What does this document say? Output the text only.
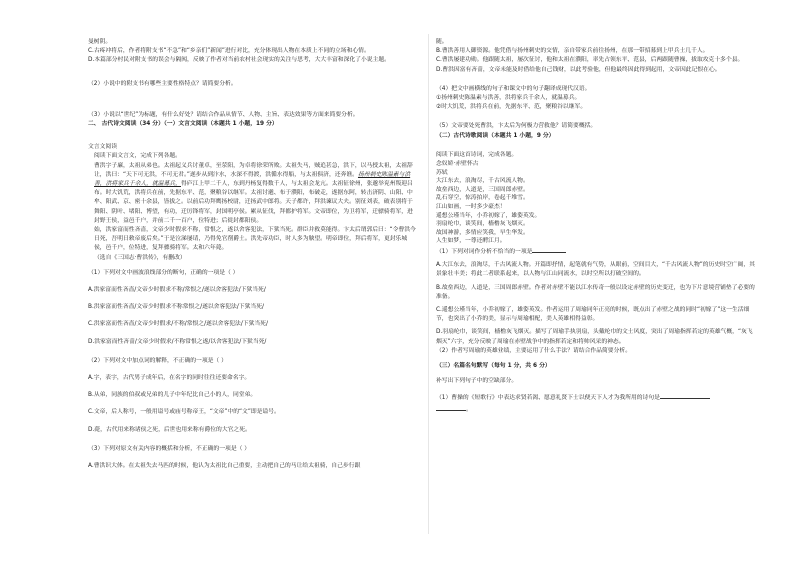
曼树阴。

C.古疼冲将后，作者将附支书“不急”和“乡亲们”新闻”进行对比，充分体现出人物在本质上不同的立场和心情。

D.本篇部分村民对附支书的误会与隔阂，反映了作者对当前农村社会现实的关注与思考，大大丰富和深化了小说主题。

（2）小说中的附支书有哪些主要性格特点？请简要分析。

（3）小说以“世纪”为标题，有什么好处？请结合作品从情节、人物、主旨、表达效果等方面来简要分析。

二、 古代诗文阅读（34 分）（一）文言文阅读（本题共 1 小题，19 分）

文言文阅读

阅读下面文言文，完成下列各题。

曹洪字子廉，太祖从弟也。太祖起义兵讨董卓，至荥阳，为卓将徐荣所败。太祖失马，贼追甚急，洪下，以马授太祖，太祖辞让，洪曰：“天下可无洪，不可无君。”遂步从到汴水，水深不得渡，洪循水得船，与太祖俱济，还奔谯。扬州刺史陈温素与洪善，洪将家兵千余人，就温募兵，得庐江上甲二千人，东到丹杨复得数千人，与太祖会龙亢。太祖征徐州，张邈举兖州叛迎吕布。时大饥荒，洪将兵在前，先据东平、范，聚粮谷以继军。太祖讨邈、布于濮阳，布破走，遂据东阿，转击济阴、山阳、中牟、阳武、京、密十余县，皆拔之。以前后功拜鹰扬校尉，迁扬武中郎将。天子都许，拜洪谏议大夫。别征刘表，破表别将于舞阳、阴叶、堵阳、博望，有功，迁厉锋将军，封国明亭侯。累从征伐，拜都护将军。文帝即位，为卫将军，迁骠骑将军，进封野王侯，益邑千户，并前二千一百户，位特进；后徙封都阳侯。

始，洪家富而性吝啬，文帝少时假求不称，常恨之，遂以舍客犯法，下狱当死。群臣并救莫能得。卞太后谓郭后曰：“令曹洪今日死，吾明日敕帝废后矣。”于是泣涕屡请，乃得免官削爵土。洪先帝功臣，时人多为觖望。明帝即位，拜后将军，更封乐城侯，邑千户，位特进，复拜骠骑将军。太和六年薨。

（选自《三国志·曹洪传》，有删改）

（1）下列对文中画波浪线部分的断句，正确的一项是（ ）

A.洪家富而性吝啬/文帝少时假求不称/常恨之/遂以舍客犯法/下狱当死/

B.洪家富而性吝啬/文帝少时假求不称常恨之/遂以舍客犯法/下狱当死/

C.洪家富而性吝啬/文帝少时假求/不称/常恨之/遂以舍客犯法/下狱当死/

D.洪家富而性吝啬/文帝少时假求/不称常恨之遂/以舍客犯法/下狱当死/

（2）下列对文中加点词的解释，不正确的一项是（ ）

A.字，表字，古代男子成年后，在名字的同时往往还要命名字。

B.从弟，同族的伯叔或兄弟的儿子中年纪比自己小的人，同堂弟。

C.文帝，后人称号，一般用谥号或庙号称帝王，“文帝”中的“文”即是谥号。

D.薨，古代用来称诸侯之死，后世也用来称有爵位的大官之死。

（3）下列对原文有关内容的概括和分析，不正确的一项是（ ）

A.曹洪识大体。在太祖失去马匹的时候，他认为太祖比自己重要，主动把自己的马让给太祖骑，自己步行跟

随。

B.曹洪善用人御资源。他凭借与扬州刺史的交情，亲自带家兵前往扬州，在那一带招募到上甲兵士几千人。

C.曹洪屡建功勋。他跟随太祖，屡次征讨，他和太祖在濮阳，率先占领东平、范县，后两跟随曹操，拔取攻克十多个县。

D.曹洪因富有吝啬，文帝未能及时借给他自己钱财，以此考验他，但他最终因此得到起用，文帝因此记恨在心。

（4）把文中画横线的句子和课文中的句子翻译成现代汉语。

①扬州刺史陈温素与洪善，洪将家兵千余人，就温募兵。

②时大饥荒，洪将兵在前，先据东平、范，聚粮谷以继军。

（5）文帝要处死曹洪，卞太后为何极力营救他？请简要概括。

（二）古代诗歌阅读（本题共 1 小题，9 分）

阅读下面这首诗词，完成各题。

念奴娇·赤壁怀古

苏轼

大江东去，浪淘尽，千古风流人物。

故垒西边，人道是，三国周郎赤壁。

乱石穿空，惊涛拍岸，卷起千堆雪。

江山如画，一时多少豪杰！

遥想公瑾当年，小乔初嫁了，雄姿英发。

羽扇纶巾，谈笑间，樯橹灰飞烟灭。

故国神游，多情应笑我，早生华发。

人生如梦，一尊还酹江月。

（1）下列对词作分析不恰当的一项是

A.大江东去，浪淘尽，千古风流人物。开篇即抒情，起笔就有气势，从眼前，空间目大，“千古风流人物”的历史时空广阔，其景象壮丰美；将此二者联系起来，以人物与江山同流水，以时空所以打破空间的。

B.故垒西边，人道是，三国周郎赤壁。作者对赤壁不能以江水传奇一般以设定赤壁的历史变迁，也为下片意境营铺垫了必要的准备。

C.遥想公瑾当年，小乔初嫁了，雄姿英发。作者运用了周瑜同年正亮的时候，既点出了赤壁之战的同时“初嫁了”这一生活细节，也突出了小乔的美，显示与周瑜相配，美人英雄相得益彰。

D.羽扇纶巾，谈笑间，樯橹灰飞烟灭。描写了周瑜手执羽扇，头戴纶巾的文士风度，突出了周瑜指挥若定的英雄气概，“灰飞烟灭”六字，充分反映了周瑜在赤壁战争中的指挥若定和将帅风采的神态。

（2）作者写周瑜的英雄业绩，主要运用了什么手法？请结合作品简要分析。

（三）名篇名句默写（每句 1 分，共 6 分）

补写出下列句子中的空缺部分。

（1）曹操的《短歌行》中表达求贤若渴、愿意礼贤下士以便天下人才为我所用的诗句是
。
